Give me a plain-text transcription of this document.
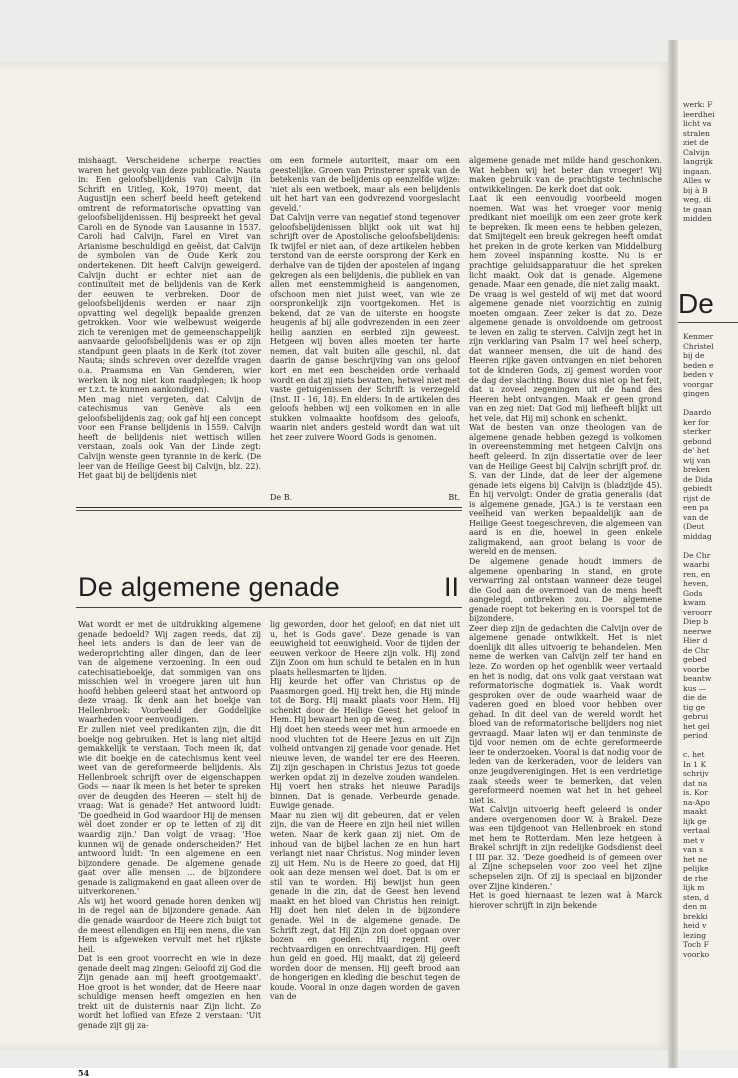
mishaagt. Verscheidene scherpe reacties waren het gevolg van deze publicatie. Nauta in: Een geloofsbelijdenis van Calvijn (in Schrift en Uitleg, Kok, 1970) meent, dat Augustijn een scherf beeld heeft getekend omtrent de reformatorische opvatting van geloofsbelijdenissen. Hij bespreekt het geval Caroli en de Synode van Lausanne in 1537. Caroli had Calvijn, Farel en Viret van Arianisme beschuldigd en geëist, dat Calvijn de symbolen van de Oude Kerk zou ondertekenen. Dit heeft Calvijn geweigerd. Calvijn ducht er echter niet aan de continuïteit met de belijdenis van de Kerk der eeuwen te verbreken. Door de geloofsbelijdenis werden er naar zijn opvatting wel degelijk bepaalde grenzen getrokken. Voor wie welbewust weigerde zich te verenigen met de gemeenschappelijk aanvaarde geloofsbelijdenis was er op zijn standpunt geen plaats in de Kerk (tot zover Nauta; sinds schreven over dezelfde vragen o.a. Praamsma en Van Genderen, wier werken ik nog niet kon raadplegen; ik hoop er t.z.t. te kunnen aankondigen).

Men mag niet vergeten, dat Calvijn de catechismus van Genève als een geloofsbelijdenis zag; ook gaf hij een concept voor een Franse belijdenis in 1559. Calvijn heeft de belijdenis niet wettisch willen verstaan, zoals ook Van der Linde zegt: Calvijn wenste geen tyrannie in de kerk. (De leer van de Heilige Geest bij Calvijn, blz. 22). Het gaat bij de belijdenis niet

om een formele autoriteit, maar om een geestelijke. Groen van Prinsterer sprak van de betekenis van de belijdenis op eenzelfde wijze: 'niet als een wetboek, maar als een belijdenis uit het hart van een godvrezend voorgeslacht geveld.'

Dat Calvijn verre van negatief stond tegenover geloofsbelijdenissen blijkt ook uit wat hij schrijft over de Apostolische geloofsbelijdenis: Ik twijfel er niet aan, of deze artikelen hebben terstond van de eerste oorsprong der Kerk en derhalve van de tijden der apostelen af ingang gekregen als een belijdenis, die publiek en van allen met eenstemmigheid is aangenomen, ofschoon men niet juist weet, van wie ze oorspronkelijk zijn voortgekomen. Het is bekend, dat ze van de uiterste en hoogste heugenis af bij alle godvrezenden in een zeer heilig aanzien en eerbied zijn geweest. Hetgeen wij boven alles moeten ter harte nemen, dat valt buiten alle geschil, nl. dat daarin de ganse beschrijving van ons geloof kort en met een bescheiden orde verhaald wordt en dat zij niets bevatten, hetwel niet met vaste getuigenissen der Schrift is verzegeld (Inst. II - 16, 18). En elders: In de artikelen des geloofs hebben wij een volkomen en in alle stukken volmaakte hoofdsom des geloofs, waarin niet anders gesteld wordt dan wat uit het zeer zuivere Woord Gods is genomen.

De B.	Bt.

algemene genade met milde hand geschonken. Wat hebben wij het beter dan vroeger! Wij maken gebruik van de prachtigste technische ontwikkelingen. De kerk doet dat ook.

Laat ik een eenvoudig voorbeeld mogen noemen. Wat was het vroeger voor menig predikant niet moeilijk om een zeer grote kerk te bepreken. Ik meen eens te hebben gelezen, dat Smijtegelt een breuk gekregen heeft omdat het preken in de grote kerken van Middelburg hem zoveel inspanning kostte. Nu is er prachtige geluidsapparatuur die het spreken licht maakt. Ook dat is genade. Algemene genade. Maar een genade, die niet zalig maakt.

De vraag is wel gesteld of wij met dat woord algemene genade niet voorzichtig en zuinig moeten omgaan. Zeer zeker is dat zo. Deze algemene genade is onvoldoende om getroost te leven en zalig te sterven. Calvijn zegt het in zijn verklaring van Psalm 17 wel heel scherp, dat wanneer mensen, die uit de hand des Heeren rijke gaven ontvangen en niet behoren tot de kinderen Gods, zij gemest worden voor de dag der slachting. Bouw dus niet op het feit, dat u zoveel zegeningen uit de hand des Heeren hebt ontvangen. Maak er geen grond van en zeg niet: Dat God mij liefheeft blijkt uit het vele, dat Hij mij schonk en schenkt.

Wat de besten van onze theologen van de algemene genade hebben gezegd is volkomen in overeenstemming met hetgeen Calvijn ons heeft geleerd. In zijn dissertatie over de leer van de Heilige Geest bij Calvijn schrijft prof. dr. S. van der Linde, dat de leer der algemene genade iets eigens bij Calvijn is (bladzijde 45). En hij vervolgt: Onder de gratia generalis (dat is algemene genade, JGA.) is te verstaan een veelheid van werken bepaaldelijk aan de Heilige Geest toegeschreven, die algemeen van aard is en die, hoewel in geen enkele zaligmakend, aan groot belang is voor de wereld en de mensen.

De algemene genade houdt immers de algemene openbaring in stand, en grote verwarring zal ontstaan wanneer deze teugel die God aan de overmoed van de mens heeft aangelegd, ontbreken zou. De algemene genade roept tot bekering en is voorspel tot de bijzondere.

Zeer diep zijn de gedachten die Calvijn over de algemene genade ontwikkelt. Het is niet doenlijk dit alles uitvoerig te behandelen. Men neme de werken van Calvijn zelf ter hand en leze. Zo worden op het ogenblik weer vertaald en het is nodig, dat ons volk gaat verstaan wat reformatorische dogmatiek is. Vaak wordt gesproken over de oude waarheid waar de vaderen goed en bloed voor hebben over gehad. In dit deel van de wereld wordt het bloed van de reformatorische belijders nog niet gevraagd. Maar laten wij er dan tenminste de tijd voor nemen om de echte gereformeerde leer te onderzoeken. Vooral is dat nodig voor de leden van de kerkeraden, voor de leiders van onze jeugdverenigingen. Het is een verdrietige zaak steeds weer te bemerken, dat velen gereformeerd noemen wat het in het geheel niet is.

Wat Calvijn uitvoerig heeft geleerd is onder andere overgenomen door W. à Brakel. Deze was een tijdgenoot van Hellenbroek en stond met hem te Rotterdam. Men leze hetgeen à Brakel schrijft in zijn redelijke Godsdienst deel I III par. 32. 'Deze goedheid is of gemeen over al Zijne schepselen voor zoo veel het zijne schepselen zijn. Of zij is speciaal en bijzonder over Zijne kinderen.'

Het is goed hiernaast te lezen wat à Marck hierover schrijft in zijn bekende

De algemene genade	II

Wat wordt er met de uitdrukking algemene genade bedoeld? Wij zagen reeds, dat zij heel iets anders is dan de leer van de wederoprichting aller dingen, dan de leer van de algemene verzoening. In een oud catechisatieboekje, dat sommigen van ons misschien wel in vroegere jaren uit hun hoofd hebben geleerd staat het antwoord op deze vraag. Ik denk aan het boekje van Hellenbroek: Voorbeeld der Goddelijke waarheden voor eenvoudigen.

Er zullen niet veel predikanten zijn, die dit boekje nog gebruiken. Het is lang niet altijd gemakkelijk te verstaan. Toch meen ik, dat wie dit boekje en de catechismus kent veel weet van de gereformeerde belijdenis. Als Hellenbroek schrijft over de eigenschappen Gods — naar ik meen is het beter te spreken over de deugden des Heeren — stelt hij de vraag: Wat is genade? Het antwoord luidt: 'De goedheid in God waardoor Hij de mensen wèl doet zonder er op te letten of zij dit waardig zijn.' Dan volgt de vraag: 'Hoe kunnen wij de genade onderscheiden?' Het antwoord luidt: 'In een algemene en een bijzondere genade. De algemene genade gaat over alle mensen ... de bijzondere genade is zaligmakend en gaat alleen over de uitverkorenen.'

Als wij het woord genade horen denken wij in de regel aan de bijzondere genade. Aan die genade waardoor de Heere zich buigt tot de meest ellendigen en Hij een mens, die van Hem is afgeweken vervult met het rijkste heil.

Dat is een groot voorrecht en wie in deze genade deelt mag zingen: Geloofd zij God die Zijn genade aan mij heeft grootgemaakt'. Hoe groot is het wonder, dat de Heere naar schuldige mensen heeft omgezien en hen trekt uit de duisternis naar Zijn licht. Zo wordt het loflied van Efeze 2 verstaan: 'Uit genade zijt gij za-

lig geworden, door het geloof; en dat niet uit u, het is Gods gave'. Deze genade is van eeuwigheid tot eeuwigheid. Voor de tijden der eeuwen verkoor de Heere zijn volk. Hij zond Zijn Zoon om hun schuld te betalen en in hun plaats hellesmarten te lijden.

Hij keurde het offer van Christus op de Paasmorgen goed. Hij trekt hen, die Hij minde tot de Borg. Hij maakt plaats voor Hem. Hij schenkt door de Heilige Geest het geloof in Hem. Hij bewaart hen op de weg.

Hij doet hen steeds weer met hun armoede en nood vluchten tot de Heere Jezus en uit Zijn volheid ontvangen zij genade voor genade. Het nieuwe leven, de wandel ter ere des Heeren. Zij zijn geschapen in Christus Jezus tot goede werken opdat zij in dezelve zouden wandelen. Hij voert hen straks het nieuwe Paradijs binnen. Dat is genade. Verbeurde genade. Euwige genade.

Maar nu zien wij dit gebeuren, dat er velen zijn, die van de Heere en zijn heil niet willen weten. Naar de kerk gaan zij niet. Om de inhoud van de bijbel lachen ze en hun hart verlangt niet naar Christus. Nog minder leven zij uit Hem. Nu is de Heere zo goed, dat Hij ook aan deze mensen wel doet. Dat is om er stil van te worden. Hij bewijst hun geen genade in die zin, dat de Geest hen levend maakt en het bloed van Christus hen reinigt. Hij doet hen niet delen in de bijzondere genade. Wel in de algemene genade. De Schrift zegt, dat Hij Zijn zon doet opgaan over bozen en goeden. Hij regent over rechtvaardigen en onrechtvaardigen. Hij geeft hun geld en goed. Hij maakt, dat zij geleerd worden door de mensen. Hij geeft brood aan de hongerigen en kleding die beschut tegen de koude. Vooral in onze dagen worden de gaven van de

54
werk: F
leerdhei
licht va
stralen
ziet de
Calvijn
langrijk
ingaan.
Alles w
bij à B
weg, di
te gaan
midden
De
Kenmer
Christel
bij de
beden e
beden v
voorgar
gingen

Daardo
ker for
sterker
gebond
de' het
wij van
breken
de Dida
gebiedt
rijst de
een pa
van de
(Deut
middag

De Chr
waarbi
ren, en
heven,
Gods
kwam
veroorr
Diep b
neerwe
Hier d
de Chr
gebed
voorbe
beantw
kus —
die de
tig ge
gebrui
het gel
period

c. het
In 1 K
schrijv
dat na
is. Kor
na-Apo
maakt
lijk ge
vertaal
met v
van s
het ne
pelijke
de rhe
lijk m
sten, d
den m
brekki
heid v
lezing
Toch F
voorko
